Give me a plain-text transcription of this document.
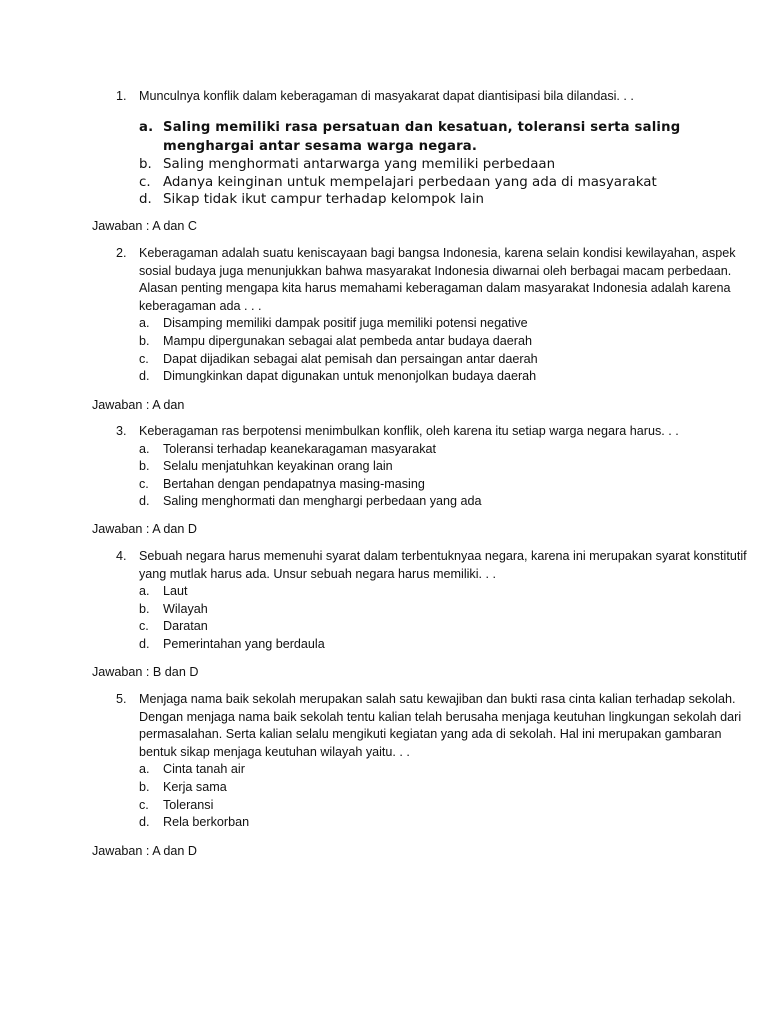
1. Munculnya konflik dalam keberagaman di masyakarat dapat diantisipasi bila dilandasi. . .
a. Saling memiliki rasa persatuan dan kesatuan, toleransi serta saling menghargai antar sesama warga negara.
b. Saling menghormati antarwarga yang memiliki perbedaan
c. Adanya keinginan untuk mempelajari perbedaan yang ada di masyarakat
d. Sikap tidak ikut campur terhadap kelompok lain
Jawaban : A dan C
2. Keberagaman adalah suatu keniscayaan bagi bangsa Indonesia, karena selain kondisi kewilayahan, aspek sosial budaya juga menunjukkan bahwa masyarakat Indonesia diwarnai oleh berbagai macam perbedaan. Alasan penting mengapa kita harus memahami keberagaman dalam masyarakat Indonesia adalah karena keberagaman ada . . .
a. Disamping memiliki dampak positif juga memiliki potensi negative
b. Mampu dipergunakan sebagai alat pembeda antar budaya daerah
c. Dapat dijadikan sebagai alat pemisah dan persaingan antar daerah
d. Dimungkinkan dapat digunakan untuk menonjolkan budaya daerah
Jawaban : A dan
3. Keberagaman ras berpotensi menimbulkan konflik, oleh karena itu setiap warga negara harus. . .
a. Toleransi terhadap keanekaragaman masyarakat
b. Selalu menjatuhkan keyakinan orang lain
c. Bertahan dengan pendapatnya masing-masing
d. Saling menghormati dan menghargi perbedaan yang ada
Jawaban : A dan D
4. Sebuah negara harus memenuhi syarat dalam terbentuknyaa negara, karena ini merupakan syarat konstitutif yang mutlak harus ada. Unsur sebuah negara harus memiliki. . .
a. Laut
b. Wilayah
c. Daratan
d. Pemerintahan yang berdaula
Jawaban : B dan D
5. Menjaga nama baik sekolah merupakan salah satu kewajiban dan bukti rasa cinta kalian terhadap sekolah. Dengan menjaga nama baik sekolah tentu kalian telah berusaha menjaga keutuhan lingkungan sekolah dari permasalahan. Serta kalian selalu mengikuti kegiatan yang ada di sekolah. Hal ini merupakan gambaran bentuk sikap menjaga keutuhan wilayah yaitu. . .
a. Cinta tanah air
b. Kerja sama
c. Toleransi
d. Rela berkorban
Jawaban : A dan D
